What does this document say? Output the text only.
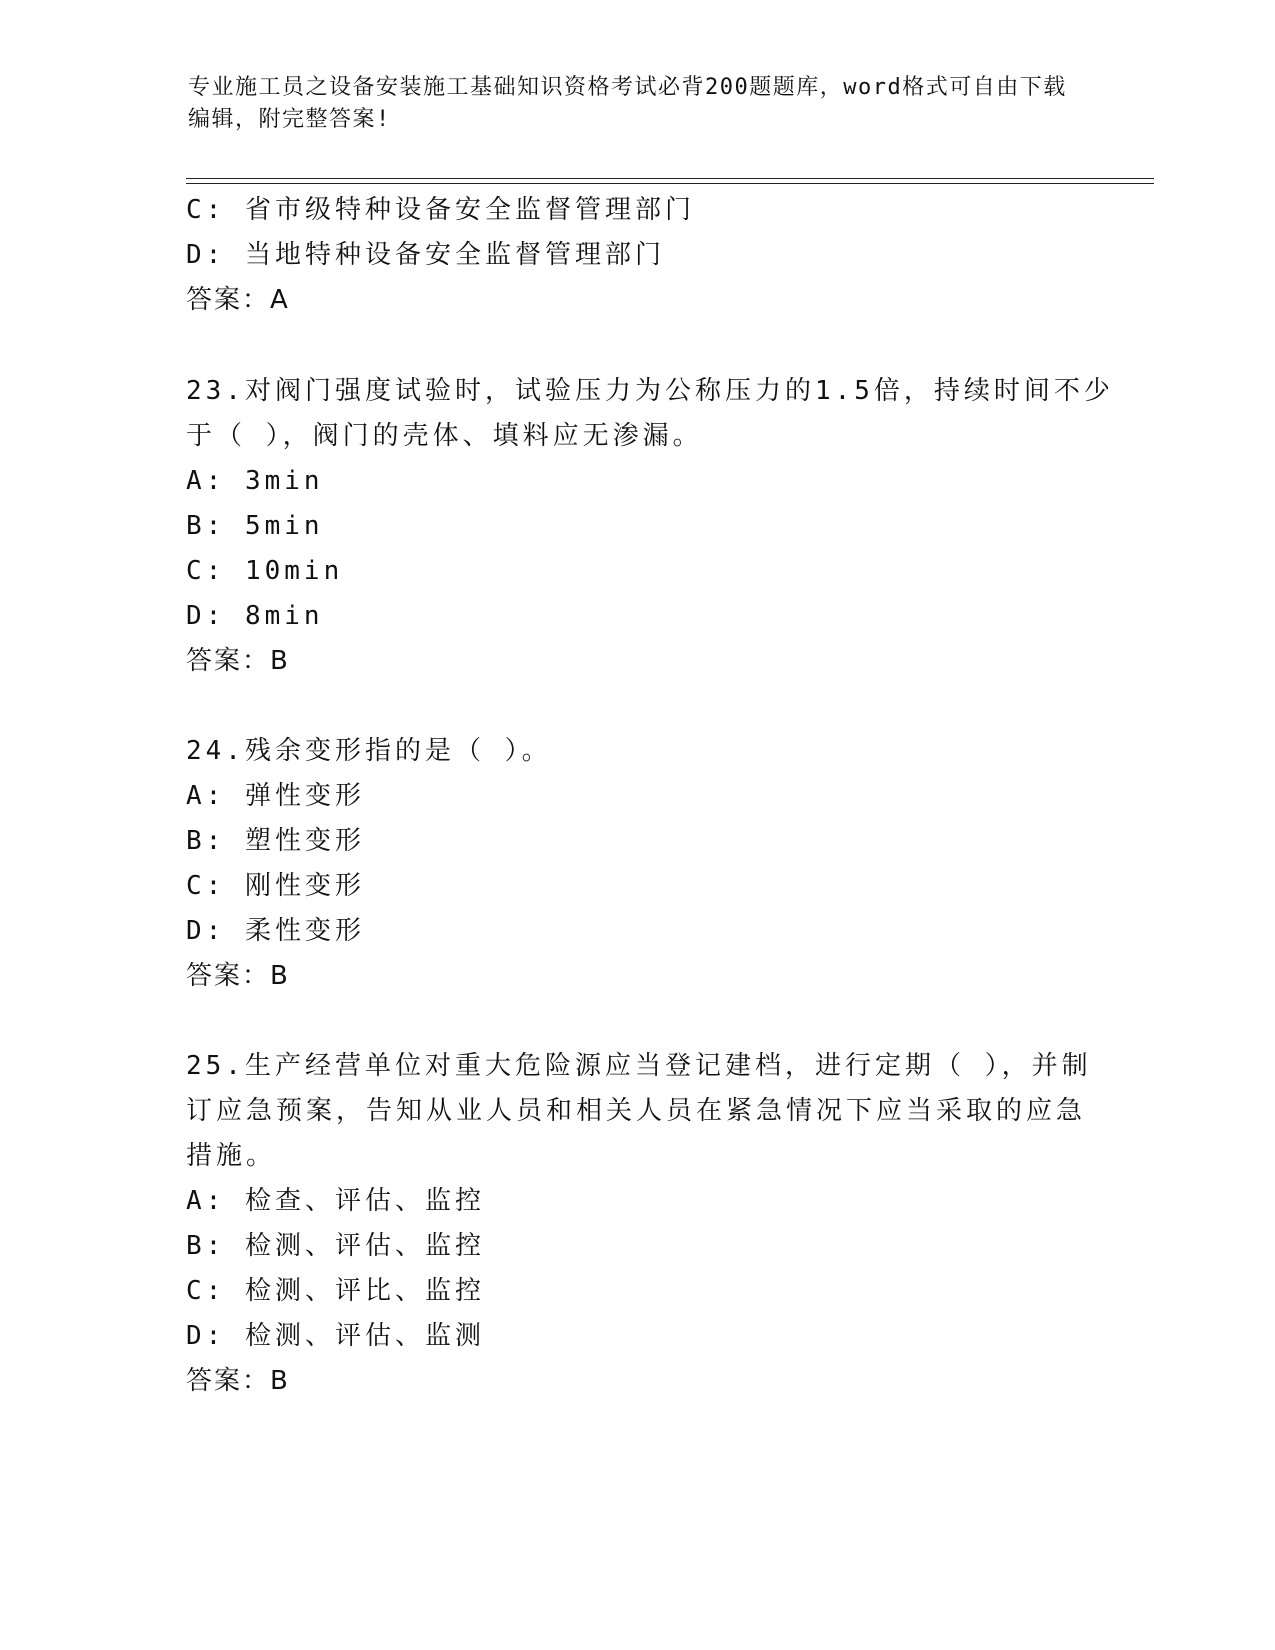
专业施工员之设备安装施工基础知识资格考试必背200题题库，word格式可自由下载编辑，附完整答案!
C: 省市级特种设备安全监督管理部门
D: 当地特种设备安全监督管理部门
答案：A
23.对阀门强度试验时，试验压力为公称压力的1.5倍，持续时间不少
于（ ），阀门的壳体、填料应无渗漏。
A: 3min
B: 5min
C: 10min
D: 8min
答案：B
24.残余变形指的是（ ）。
A: 弹性变形
B: 塑性变形
C: 刚性变形
D: 柔性变形
答案：B
25.生产经营单位对重大危险源应当登记建档，进行定期（ ），并制
订应急预案，告知从业人员和相关人员在紧急情况下应当采取的应急
措施。
A: 检查、评估、监控
B: 检测、评估、监控
C: 检测、评比、监控
D: 检测、评估、监测
答案：B
